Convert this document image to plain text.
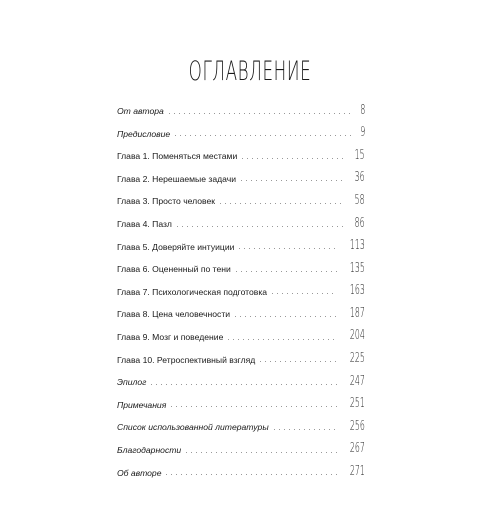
ОГЛАВЛЕНИЕ
От автора	8
Предисловие	9
Глава 1. Поменяться местами	15
Глава 2. Нерешаемые задачи	36
Глава 3. Просто человек	58
Глава 4. Пазл	86
Глава 5. Доверяйте интуиции	113
Глава 6. Оцененный по тени	135
Глава 7. Психологическая подготовка	163
Глава 8. Цена человечности	187
Глава 9. Мозг и поведение	204
Глава 10. Ретроспективный взгляд	225
Эпилог	247
Примечания	251
Список использованной литературы	256
Благодарности	267
Об авторе	271
